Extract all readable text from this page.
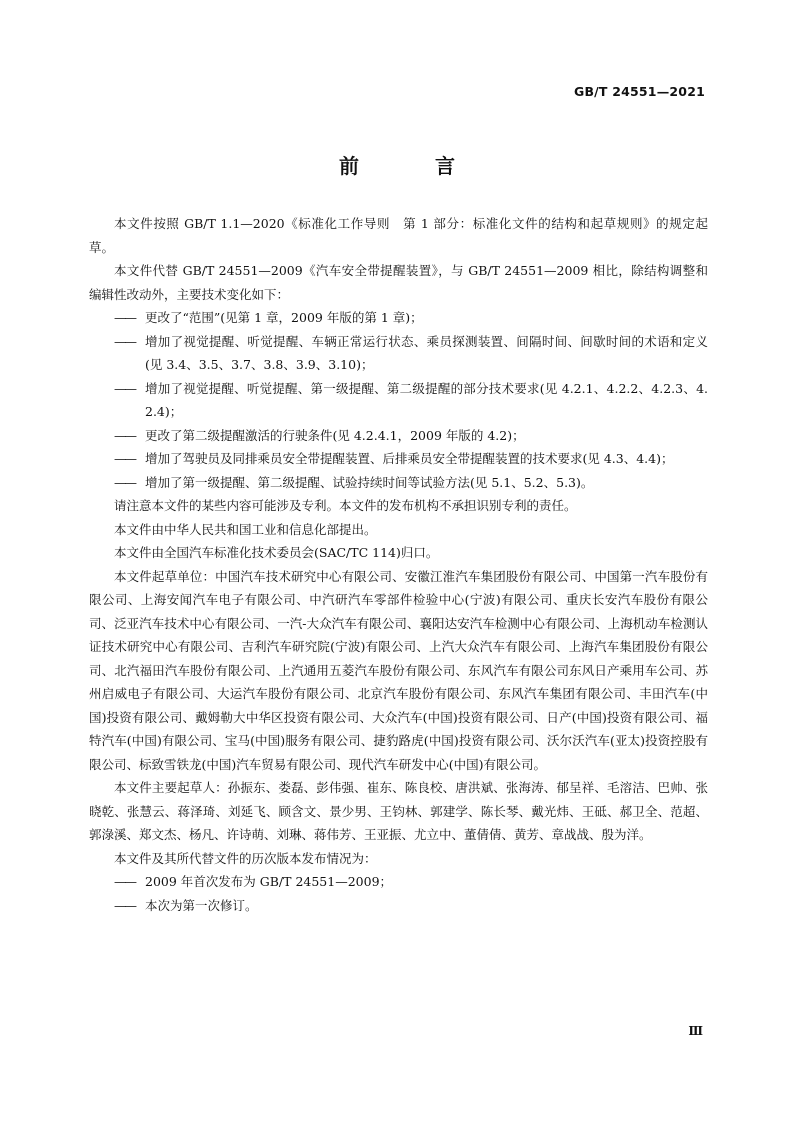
GB/T 24551—2021
前　言

本文件按照 GB/T 1.1—2020《标准化工作导则　第 1 部分：标准化文件的结构和起草规则》的规定起草。

本文件代替 GB/T 24551—2009《汽车安全带提醒装置》，与 GB/T 24551—2009 相比，除结构调整和编辑性改动外，主要技术变化如下：

—— 更改了“范围”(见第 1 章，2009 年版的第 1 章)；

—— 增加了视觉提醒、听觉提醒、车辆正常运行状态、乘员探测装置、间隔时间、间歇时间的术语和定义(见 3.4、3.5、3.7、3.8、3.9、3.10)；

—— 增加了视觉提醒、听觉提醒、第一级提醒、第二级提醒的部分技术要求(见 4.2.1、4.2.2、4.2.3、4.2.4)；

—— 更改了第二级提醒激活的行驶条件(见 4.2.4.1，2009 年版的 4.2)；

—— 增加了驾驶员及同排乘员安全带提醒装置、后排乘员安全带提醒装置的技术要求(见 4.3、4.4)；

—— 增加了第一级提醒、第二级提醒、试验持续时间等试验方法(见 5.1、5.2、5.3)。

请注意本文件的某些内容可能涉及专利。本文件的发布机构不承担识别专利的责任。

本文件由中华人民共和国工业和信息化部提出。

本文件由全国汽车标准化技术委员会(SAC/TC 114)归口。

本文件起草单位：中国汽车技术研究中心有限公司、安徽江淮汽车集团股份有限公司、中国第一汽车股份有限公司、上海安闻汽车电子有限公司、中汽研汽车零部件检验中心(宁波)有限公司、重庆长安汽车股份有限公司、泛亚汽车技术中心有限公司、一汽-大众汽车有限公司、襄阳达安汽车检测中心有限公司、上海机动车检测认证技术研究中心有限公司、吉利汽车研究院(宁波)有限公司、上汽大众汽车有限公司、上海汽车集团股份有限公司、北汽福田汽车股份有限公司、上汽通用五菱汽车股份有限公司、东风汽车有限公司东风日产乘用车公司、苏州启威电子有限公司、大运汽车股份有限公司、北京汽车股份有限公司、东风汽车集团有限公司、丰田汽车(中国)投资有限公司、戴姆勒大中华区投资有限公司、大众汽车(中国)投资有限公司、日产(中国)投资有限公司、福特汽车(中国)有限公司、宝马(中国)服务有限公司、捷豹路虎(中国)投资有限公司、沃尔沃汽车(亚太)投资控股有限公司、标致雪铁龙(中国)汽车贸易有限公司、现代汽车研发中心(中国)有限公司。

本文件主要起草人：孙振东、娄磊、彭伟强、崔东、陈良校、唐洪斌、张海涛、郁呈祥、毛溶洁、巴帅、张晓乾、张慧云、蒋泽琦、刘延飞、顾含文、景少男、王钧林、郭建学、陈长琴、戴光炜、王砥、郝卫全、范超、郭淥溪、郑文杰、杨凡、许诗萌、刘琳、蒋伟芳、王亚振、尤立中、董倩倩、黄芳、章战战、殷为洋。

本文件及其所代替文件的历次版本发布情况为：

—— 2009 年首次发布为 GB/T 24551—2009；

—— 本次为第一次修订。

Ⅲ
